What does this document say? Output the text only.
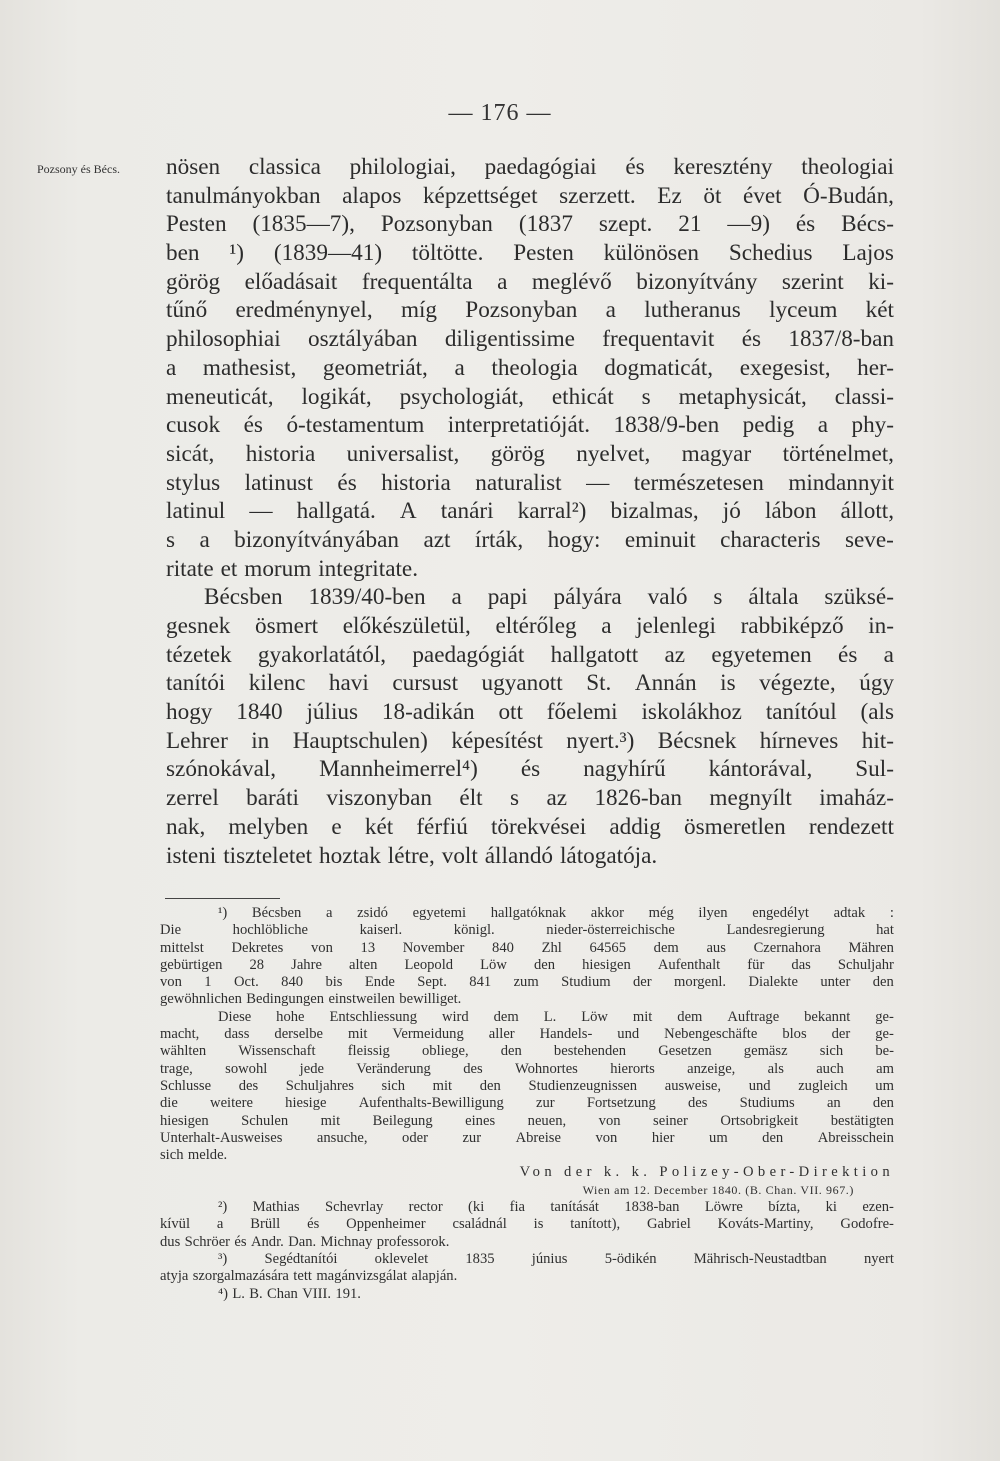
— 176 —
Pozsony és Bécs. nösen classica philologiai, paedagógiai és keresztény theologiai
tanulmányokban alapos képzettséget szerzett. Ez öt évet Ó-Budán,
Pesten (1835—7), Pozsonyban (1837 szept. 21 —9) és Bécs-
ben ¹) (1839—41) töltötte. Pesten különösen Schedius Lajos
görög előadásait frequentálta a meglévő bizonyítvány szerint ki-
tűnő eredménynyel, míg Pozsonyban a lutheranus lyceum két
philosophiai osztályában diligentissime frequentavit és 1837/8-ban
a mathesist, geometriát, a theologia dogmaticát, exegesist, her-
meneuticát, logikát, psychologiát, ethicát s metaphysicát, classi-
cusok és ó-testamentum interpretatióját. 1838/9-ben pedig a phy-
sicát, historia universalist, görög nyelvet, magyar történelmet,
stylus latinust és historia naturalist — természetesen mindannyit
latinul — hallgatá. A tanári karral²) bizalmas, jó lábon állott,
s a bizonyítványában azt írták, hogy: eminuit characteris seve-
ritate et morum integritate.
Bécsben 1839/40-ben a papi pályára való s általa szüksé-
gesnek ösmert előkészületül, eltérőleg a jelenlegi rabbiképző in-
tézetek gyakorlatától, paedagógiát hallgatott az egyetemen és a
tanítói kilenc havi cursust ugyanott St. Annán is végezte, úgy
hogy 1840 július 18-adikán ott főelemi iskolákhoz tanítóul (als
Lehrer in Hauptschulen) képesítést nyert.³) Bécsnek hírneves hit-
szónokával, Mannheimerrel⁴) és nagyhírű kántorával, Sul-
zerrel baráti viszonyban élt s az 1826-ban megnyílt imaház-
nak, melyben e két férfiú törekvései addig ösmeretlen rendezett
isteni tiszteletet hoztak létre, volt állandó látogatója.
¹) Bécsben a zsidó egyetemi hallgatóknak akkor még ilyen engedélyt adtak :
Die	hochlöbliche	kaiserl.	königl.	nieder-österreichische	Landesregierung	hat
mittelst Dekretes von 13 November 840 Zhl 64565 dem aus Czernahora Mähren
gebürtigen 28 Jahre alten Leopold Löw den hiesigen Aufenthalt für das Schuljahr
von 1 Oct. 840 bis Ende Sept. 841 zum Studium der morgenl. Dialekte unter den
gewöhnlichen Bedingungen einstweilen bewilliget.
Diese hohe Entschliessung wird dem L. Löw mit dem Auftrage bekannt ge-
macht, dass derselbe mit Vermeidung aller Handels- und Nebengeschäfte blos der ge-
wählten Wissenschaft fleissig obliege, den bestehenden Gesetzen gemäsz sich be-
trage, sowohl jede Veränderung des Wohnortes hierorts anzeige, als auch am
Schlusse des Schuljahres sich mit den Studienzeugnissen ausweise, und zugleich um
die weitere hiesige Aufenthalts-Bewilligung zur Fortsetzung des Studiums an den
hiesigen Schulen mit Beilegung eines neuen, von seiner Ortsobrigkeit bestätigten
Unterhalt-Ausweises ansuche, oder zur Abreise von hier um den Abreisschein
sich melde.
Von der k. k. Polizey-Ober-Direktion
Wien am 12. December 1840. (B. Chan. VII. 967.)
²) Mathias Schevrlay rector (ki fia tanítását 1838-ban Löwre bízta, ki ezen-
kívül a Brüll és Oppenheimer családnál is tanított), Gabriel Kováts-Martiny, Godofre-
dus Schröer és Andr. Dan. Michnay professorok.
³)	Segédtanítói	oklevelet	1835	június	5-ödikén	Mährisch-Neustadtban	nyert
atyja szorgalmazására tett magánvizsgálat alapján.
⁴) L. B. Chan VIII. 191.
